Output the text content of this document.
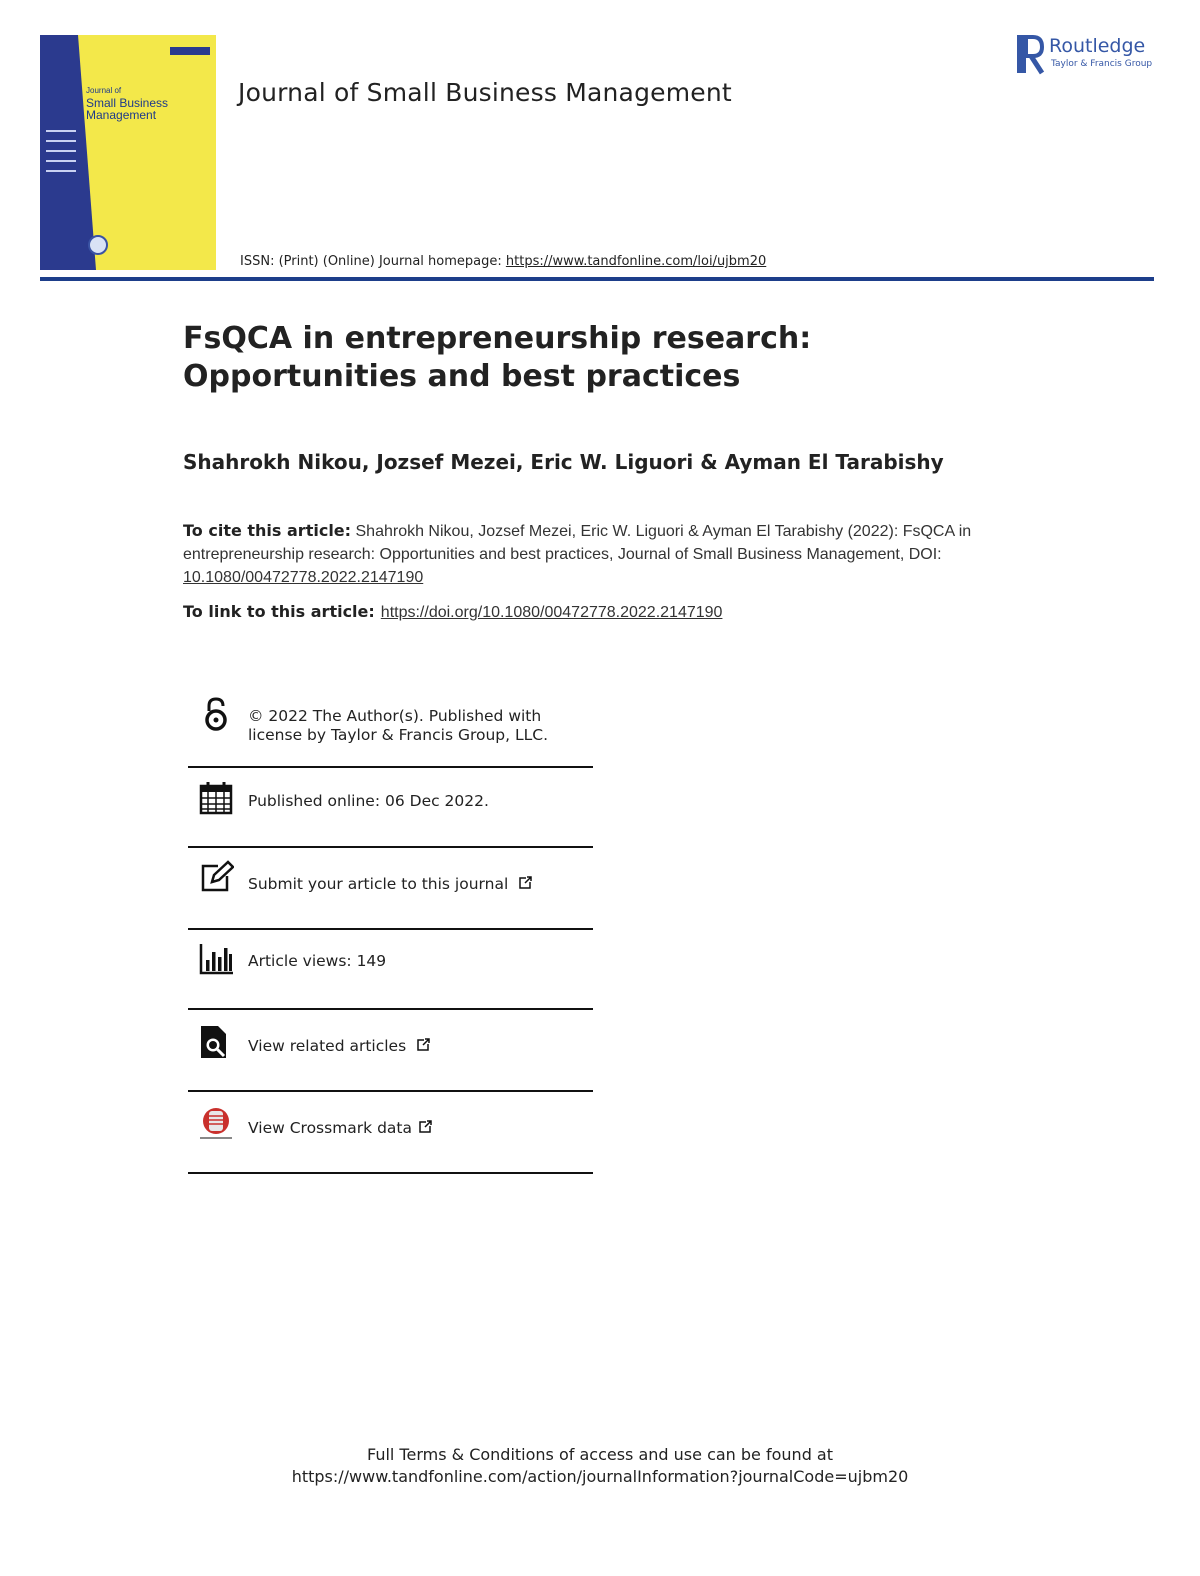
Journal of
Small Business Management
Journal of Small Business Management
ISSN: (Print) (Online) Journal homepage: https://www.tandfonline.com/loi/ujbm20
Routledge
Taylor & Francis Group
FsQCA in entrepreneurship research:
Opportunities and best practices
Shahrokh Nikou, Jozsef Mezei, Eric W. Liguori & Ayman El Tarabishy
To cite this article: Shahrokh Nikou, Jozsef Mezei, Eric W. Liguori & Ayman El Tarabishy (2022): FsQCA in entrepreneurship research: Opportunities and best practices, Journal of Small Business Management, DOI: 10.1080/00472778.2022.2147190
To link to this article: https://doi.org/10.1080/00472778.2022.2147190
© 2022 The Author(s). Published with
license by Taylor & Francis Group, LLC.
Published online: 06 Dec 2022.
Submit your article to this journal
Article views: 149
View related articles
View Crossmark data
Full Terms & Conditions of access and use can be found at
https://www.tandfonline.com/action/journalInformation?journalCode=ujbm20
